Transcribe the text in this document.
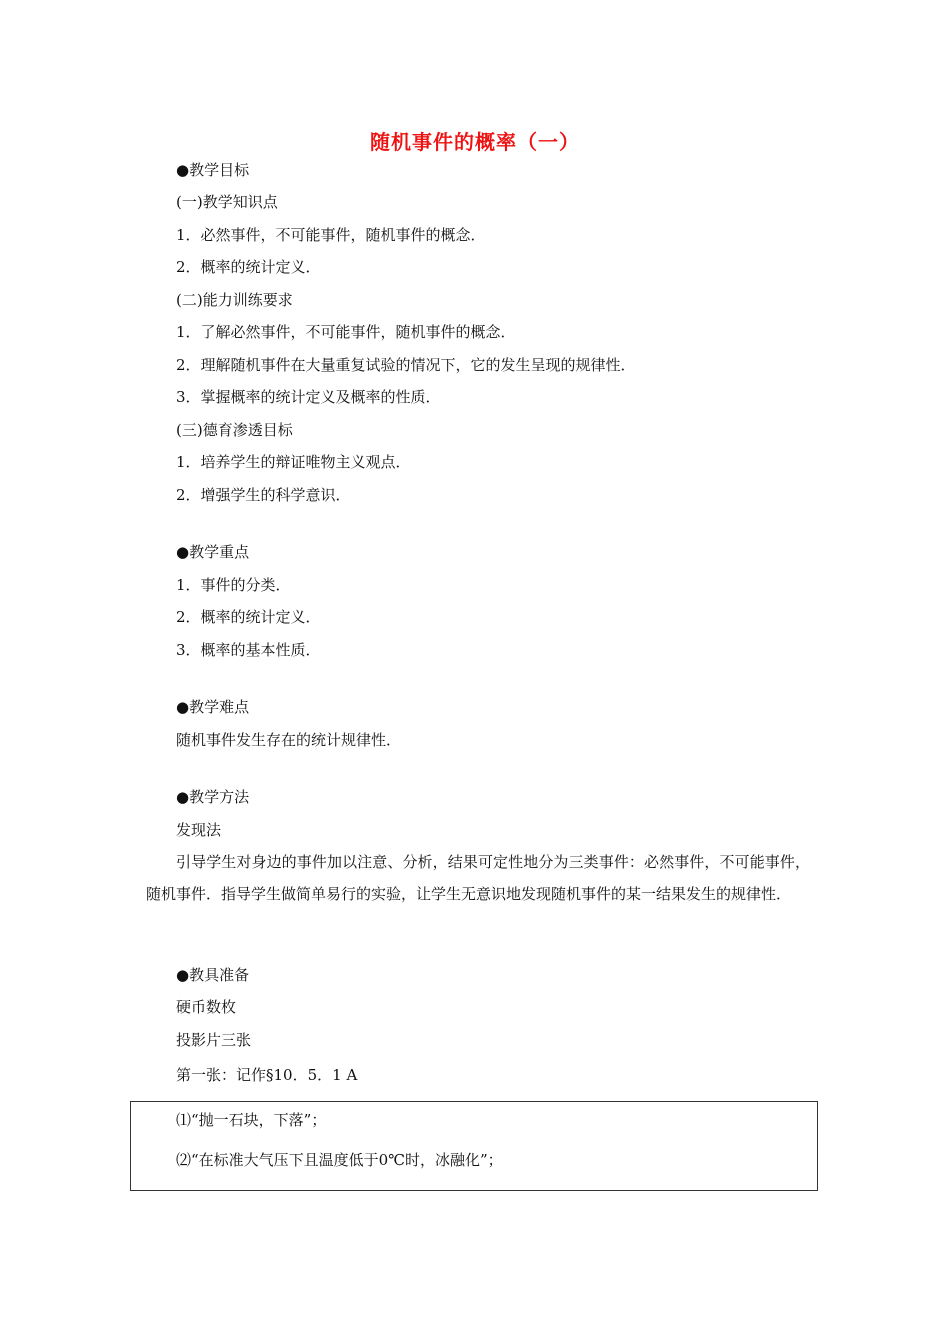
随机事件的概率（一）
●教学目标
(一)教学知识点
1．必然事件，不可能事件，随机事件的概念．
2．概率的统计定义．
(二)能力训练要求
1．了解必然事件，不可能事件，随机事件的概念．
2．理解随机事件在大量重复试验的情况下，它的发生呈现的规律性．
3．掌握概率的统计定义及概率的性质．
(三)德育渗透目标
1．培养学生的辩证唯物主义观点．
2．增强学生的科学意识．
●教学重点
1．事件的分类．
2．概率的统计定义．
3．概率的基本性质．
●教学难点
随机事件发生存在的统计规律性．
●教学方法
发现法
引导学生对身边的事件加以注意、分析，结果可定性地分为三类事件：必然事件，不可能事件，随机事件．指导学生做简单易行的实验，让学生无意识地发现随机事件的某一结果发生的规律性．
●教具准备
硬币数枚
投影片三张
第一张：记作§10．5．1 A
⑴“抛一石块，下落”；
⑵“在标准大气压下且温度低于0℃时，冰融化”；
